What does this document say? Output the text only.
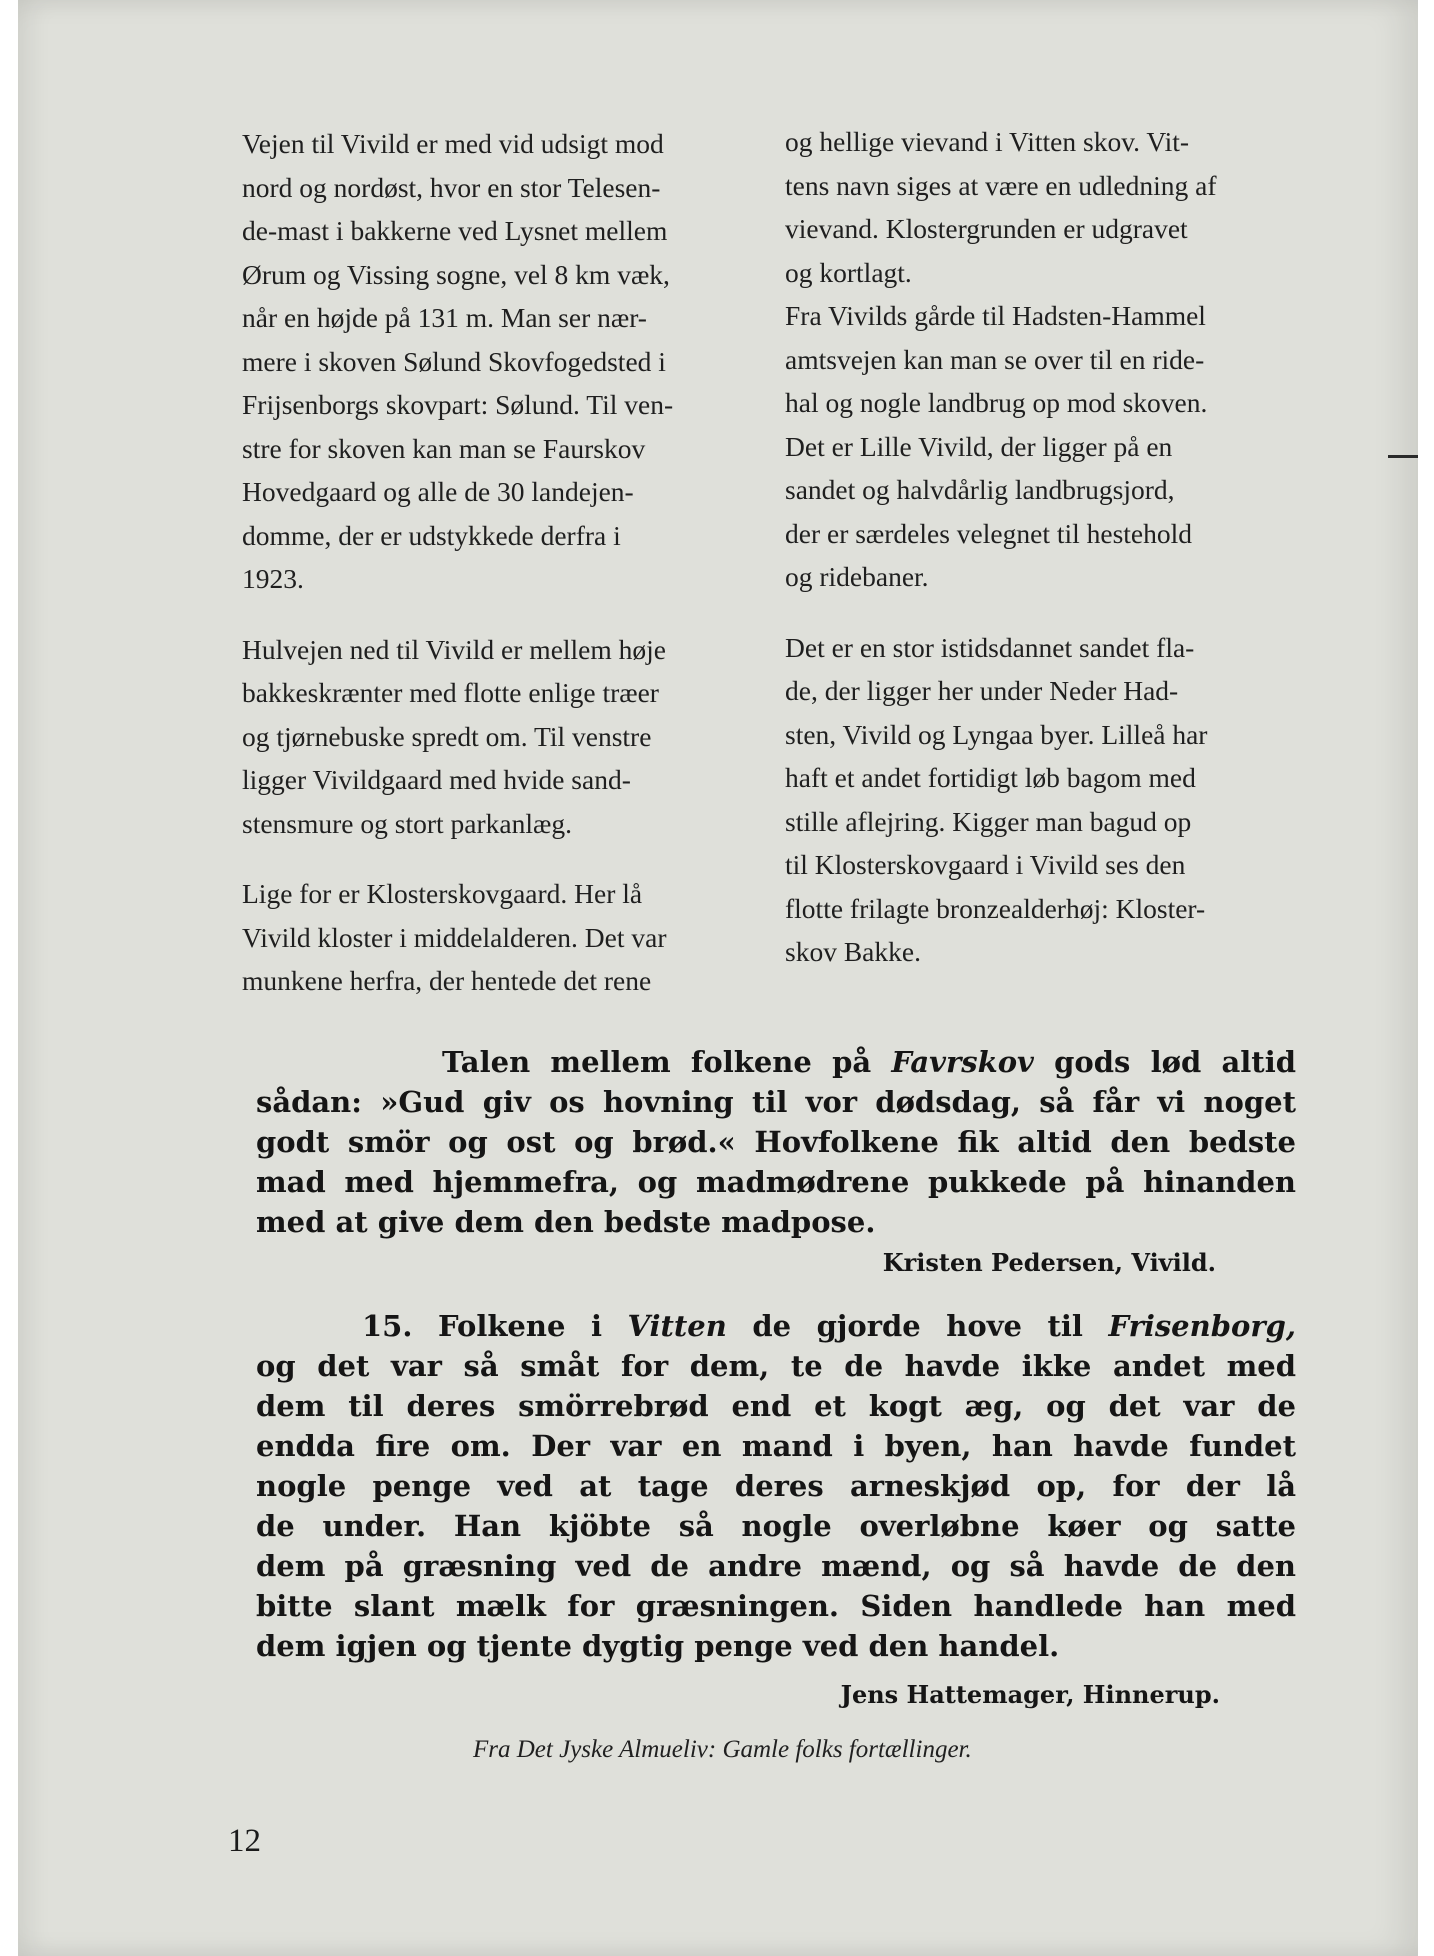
Vejen til Vivild er med vid udsigt mod
nord og nordøst, hvor en stor Telesen-
de-mast i bakkerne ved Lysnet mellem
Ørum og Vissing sogne, vel 8 km væk,
når en højde på 131 m. Man ser nær-
mere i skoven Sølund Skovfogedsted i
Frijsenborgs skovpart: Sølund. Til ven-
stre for skoven kan man se Faurskov
Hovedgaard og alle de 30 landejen-
domme, der er udstykkede derfra i
1923.

Hulvejen ned til Vivild er mellem høje
bakkeskrænter med flotte enlige træer
og tjørnebuske spredt om. Til venstre
ligger Vivildgaard med hvide sand-
stensmure og stort parkanlæg.

Lige for er Klosterskovgaard. Her lå
Vivild kloster i middelalderen. Det var
munkene herfra, der hentede det rene

og hellige vievand i Vitten skov. Vit-
tens navn siges at være en udledning af
vievand. Klostergrunden er udgravet
og kortlagt.
Fra Vivilds gårde til Hadsten-Hammel
amtsvejen kan man se over til en ride-
hal og nogle landbrug op mod skoven.
Det er Lille Vivild, der ligger på en
sandet og halvdårlig landbrugsjord,
der er særdeles velegnet til hestehold
og ridebaner.

Det er en stor istidsdannet sandet fla-
de, der ligger her under Neder Had-
sten, Vivild og Lyngaa byer. Lilleå har
haft et andet fortidigt løb bagom med
stille aflejring. Kigger man bagud op
til Klosterskovgaard i Vivild ses den
flotte frilagte bronzealderhøj: Kloster-
skov Bakke.

Talen mellem folkene på Favrskov gods lød altid
sådan: »Gud giv os hovning til vor dødsdag, så får vi noget
godt smör og ost og brød.« Hovfolkene fik altid den bedste
mad med hjemmefra, og madmødrene pukkede på hinanden
med at give dem den bedste madpose.
Kristen Pedersen, Vivild.
15. Folkene i Vitten de gjorde hove til Frisenborg,
og det var så småt for dem, te de havde ikke andet med
dem til deres smörrebrød end et kogt æg, og det var de
endda fire om. Der var en mand i byen, han havde fundet
nogle penge ved at tage deres arneskjød op, for der lå
de under. Han kjöbte så nogle overløbne køer og satte
dem på græsning ved de andre mænd, og så havde de den
bitte slant mælk for græsningen. Siden handlede han med
dem igjen og tjente dygtig penge ved den handel.
Jens Hattemager, Hinnerup.
Fra Det Jyske Almueliv: Gamle folks fortællinger.
12
